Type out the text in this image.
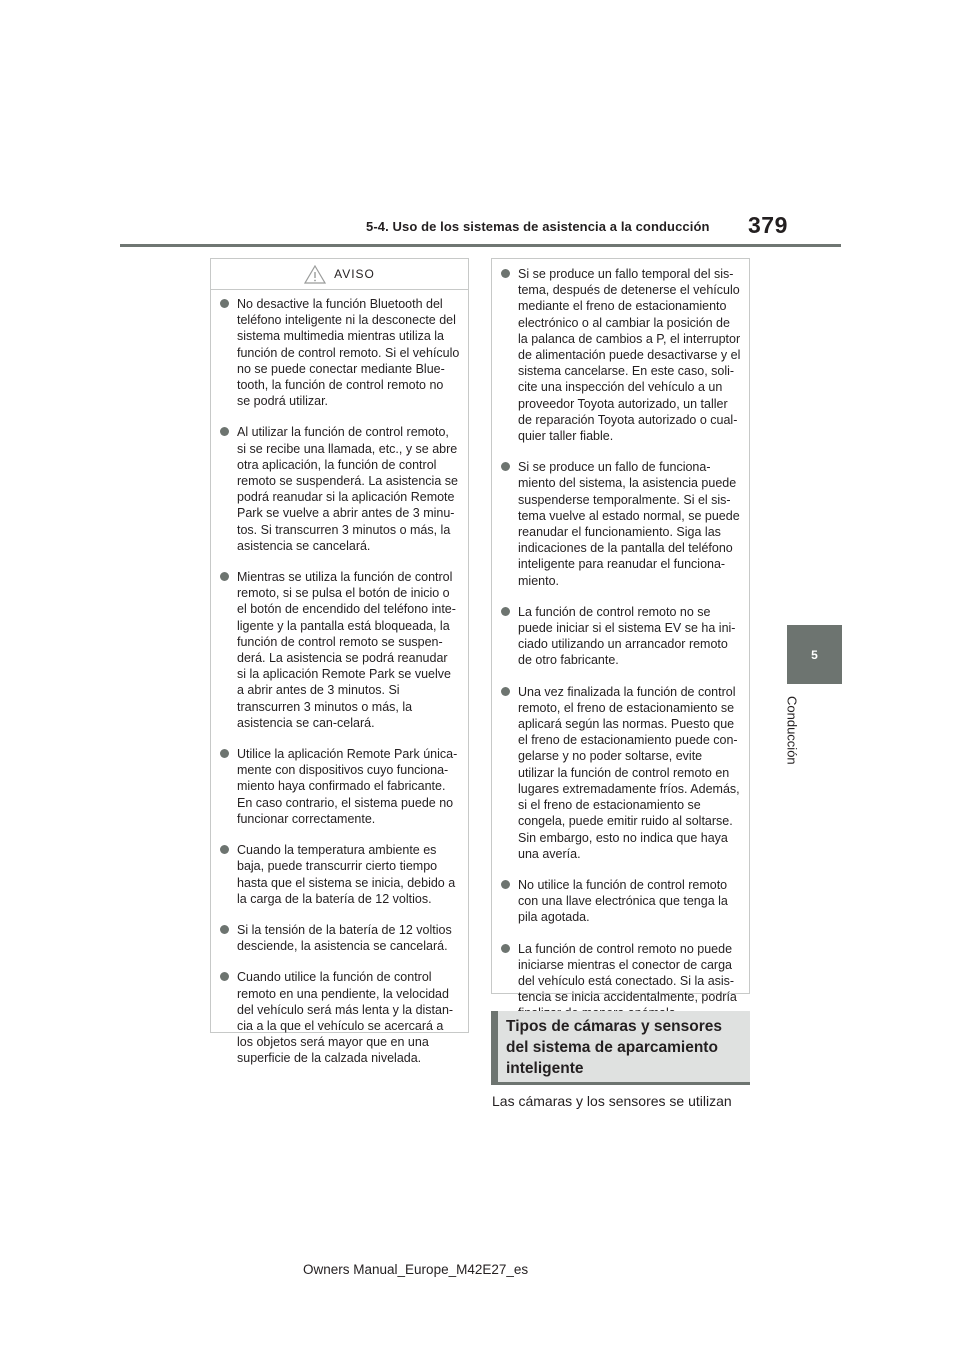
5-4. Uso de los sistemas de asistencia a la conducción 379
5
Conducción
AVISO
No desactive la función Bluetooth del teléfono inteligente ni la desconecte del sistema multimedia mientras utiliza la función de control remoto. Si el vehículo no se puede conectar mediante Blue-tooth, la función de control remoto no se podrá utilizar.
Al utilizar la función de control remoto, si se recibe una llamada, etc., y se abre otra aplicación, la función de control remoto se suspenderá. La asistencia se podrá reanudar si la aplicación Remote Park se vuelve a abrir antes de 3 minu-tos. Si transcurren 3 minutos o más, la asistencia se cancelará.
Mientras se utiliza la función de control remoto, si se pulsa el botón de inicio o el botón de encendido del teléfono inte-ligente y la pantalla está bloqueada, la función de control remoto se suspen-derá. La asistencia se podrá reanudar si la aplicación Remote Park se vuelve a abrir antes de 3 minutos. Si transcurren 3 minutos o más, la asistencia se can-celará.
Utilice la aplicación Remote Park única-mente con dispositivos cuyo funciona-miento haya confirmado el fabricante. En caso contrario, el sistema puede no funcionar correctamente.
Cuando la temperatura ambiente es baja, puede transcurrir cierto tiempo hasta que el sistema se inicia, debido a la carga de la batería de 12 voltios.
Si la tensión de la batería de 12 voltios desciende, la asistencia se cancelará.
Cuando utilice la función de control remoto en una pendiente, la velocidad del vehículo será más lenta y la distan-cia a la que el vehículo se acercará a los objetos será mayor que en una superficie de la calzada nivelada.
Si se produce un fallo temporal del sis-tema, después de detenerse el vehículo mediante el freno de estacionamiento electrónico o al cambiar la posición de la palanca de cambios a P, el interruptor de alimentación puede desactivarse y el sistema cancelarse. En este caso, soli-cite una inspección del vehículo a un proveedor Toyota autorizado, un taller de reparación Toyota autorizado o cual-quier taller fiable.
Si se produce un fallo de funciona-miento del sistema, la asistencia puede suspenderse temporalmente. Si el sis-tema vuelve al estado normal, se puede reanudar el funcionamiento. Siga las indicaciones de la pantalla del teléfono inteligente para reanudar el funciona-miento.
La función de control remoto no se puede iniciar si el sistema EV se ha ini-ciado utilizando un arrancador remoto de otro fabricante.
Una vez finalizada la función de control remoto, el freno de estacionamiento se aplicará según las normas. Puesto que el freno de estacionamiento puede con-gelarse y no poder soltarse, evite utilizar la función de control remoto en lugares extremadamente fríos. Además, si el freno de estacionamiento se congela, puede emitir ruido al soltarse. Sin embargo, esto no indica que haya una avería.
No utilice la función de control remoto con una llave electrónica que tenga la pila agotada.
La función de control remoto no puede iniciarse mientras el conector de carga del vehículo está conectado. Si la asis-tencia se inicia accidentalmente, podría
Tipos de cámaras y sensores del sistema de aparcamiento inteligente
Las cámaras y los sensores se utilizan
Owners Manual_Europe_M42E27_es
